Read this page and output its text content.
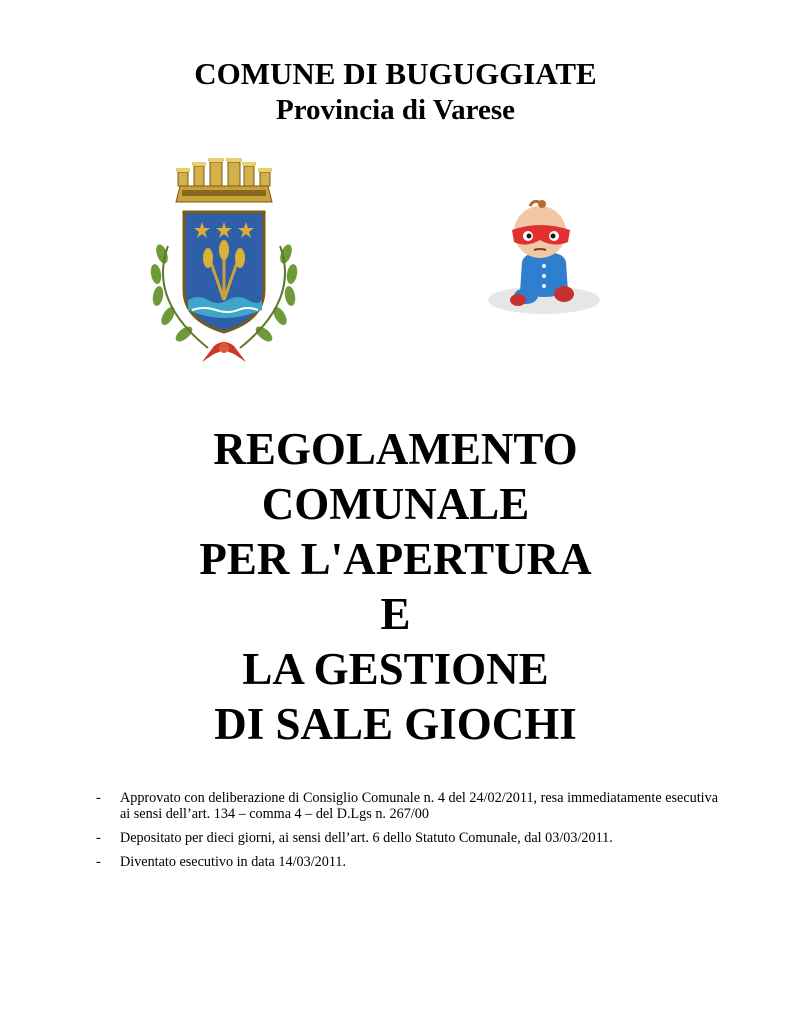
COMUNE DI BUGUGGIATE
Provincia di Varese
REGOLAMENTO
COMUNALE
PER L'APERTURA
E
LA GESTIONE
DI SALE GIOCHI
- Approvato con deliberazione di Consiglio Comunale n. 4 del 24/02/2011, resa immediatamente esecutiva ai sensi dell’art. 134 – comma 4 – del D.Lgs n. 267/00
- Depositato per dieci giorni, ai sensi dell’art. 6 dello Statuto Comunale, dal 03/03/2011.
- Diventato esecutivo in data 14/03/2011.
